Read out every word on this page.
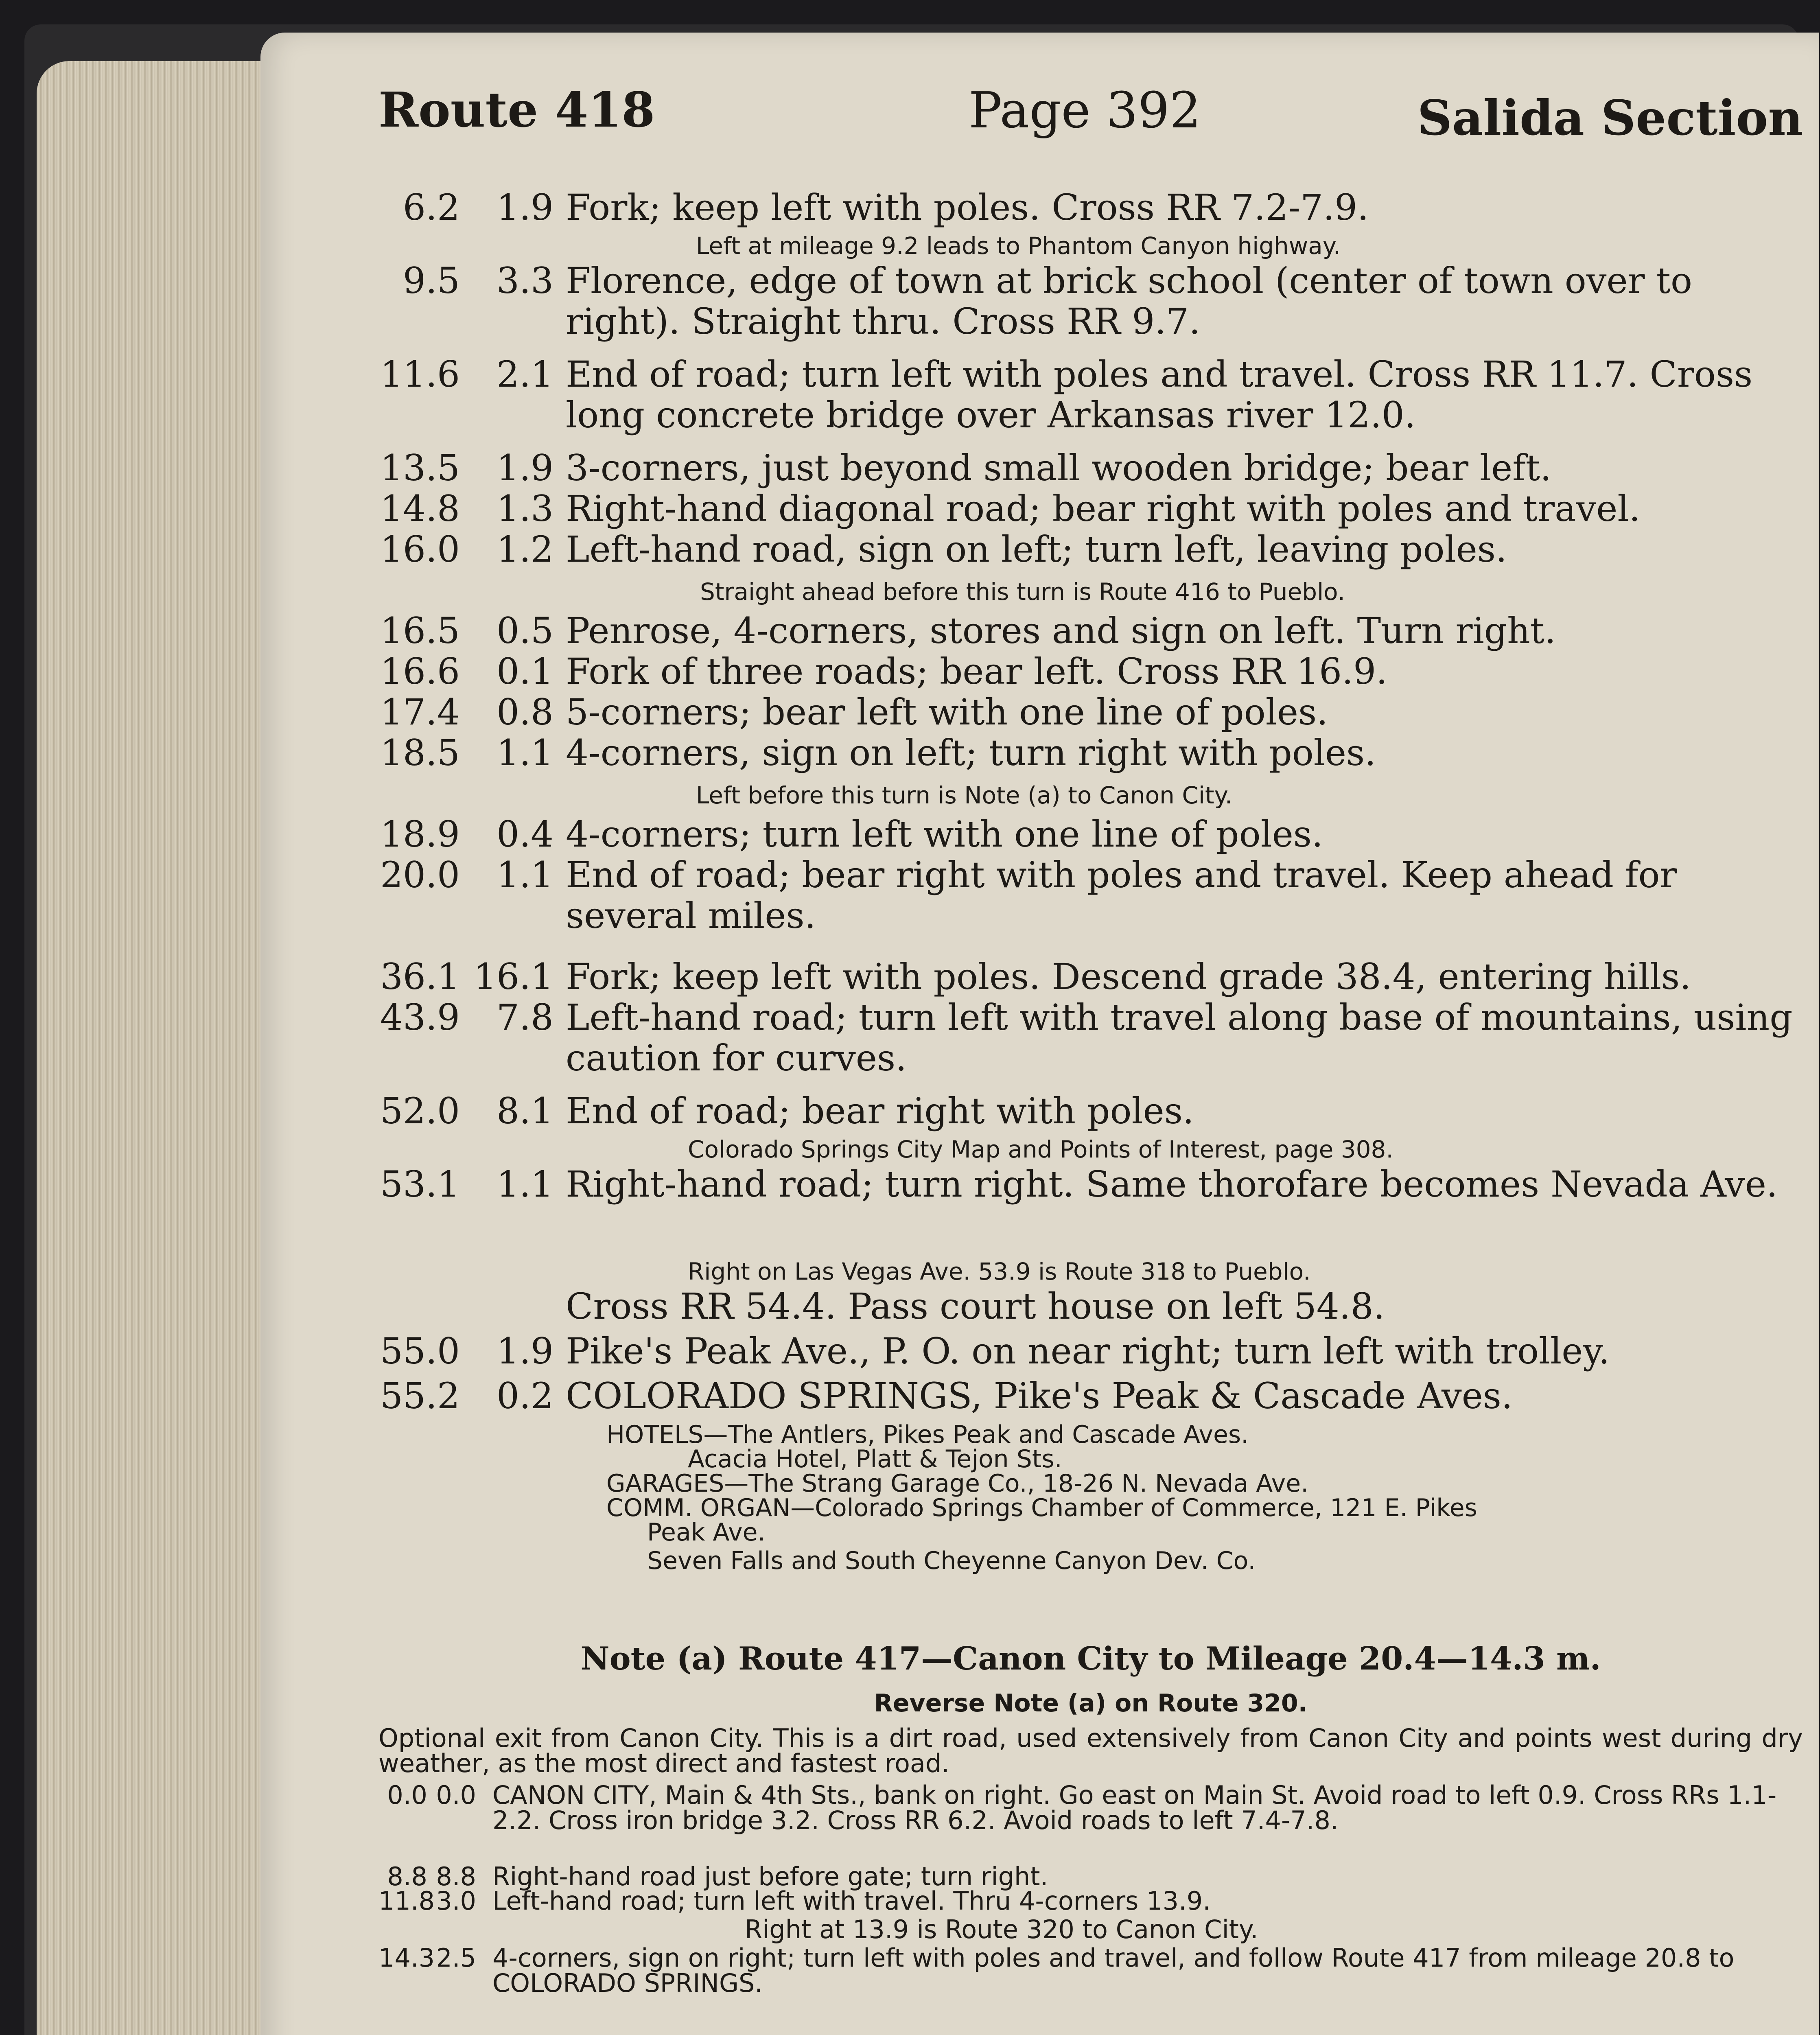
Route 418	Page 392	Salida Section
6.2	1.9 Fork; keep left with poles. Cross RR 7.2-7.9.
Left at mileage 9.2 leads to Phantom Canyon highway.
9.5	3.3 Florence, edge of town at brick school (center of town over to right). Straight thru. Cross RR 9.7.
11.6	2.1 End of road; turn left with poles and travel. Cross RR 11.7. Cross long concrete bridge over Arkansas river 12.0.
13.5	1.9 3-corners, just beyond small wooden bridge; bear left.
14.8	1.3 Right-hand diagonal road; bear right with poles and travel.
16.0	1.2 Left-hand road, sign on left; turn left, leaving poles.
Straight ahead before this turn is Route 416 to Pueblo.
16.5	0.5 Penrose, 4-corners, stores and sign on left. Turn right.
16.6	0.1 Fork of three roads; bear left. Cross RR 16.9.
17.4	0.8 5-corners; bear left with one line of poles.
18.5	1.1 4-corners, sign on left; turn right with poles.
Left before this turn is Note (a) to Canon City.
18.9	0.4 4-corners; turn left with one line of poles.
20.0	1.1 End of road; bear right with poles and travel. Keep ahead for several miles.
36.1 16.1 Fork; keep left with poles. Descend grade 38.4, entering hills.
43.9	7.8 Left-hand road; turn left with travel along base of mountains, using caution for curves.
52.0	8.1 End of road; bear right with poles.
Colorado Springs City Map and Points of Interest, page 308.
53.1	1.1 Right-hand road; turn right. Same thorofare becomes Nevada Ave.
Right on Las Vegas Ave. 53.9 is Route 318 to Pueblo.
Cross RR 54.4. Pass court house on left 54.8.
55.0	1.9 Pike's Peak Ave., P. O. on near right; turn left with trolley.
55.2	0.2 COLORADO SPRINGS, Pike's Peak & Cascade Aves.
HOTELS—The Antlers, Pikes Peak and Cascade Aves.
Acacia Hotel, Platt & Tejon Sts.
GARAGES—The Strang Garage Co., 18-26 N. Nevada Ave.
COMM. ORGAN—Colorado Springs Chamber of Commerce, 121 E. Pikes
Peak Ave.
Seven Falls and South Cheyenne Canyon Dev. Co.
Note (a) Route 417—Canon City to Mileage 20.4—14.3 m.
Reverse Note (a) on Route 320.
Optional exit from Canon City. This is a dirt road, used extensively from Canon City and points west during dry weather, as the most direct and fastest road.
0.0 0.0 CANON CITY, Main & 4th Sts., bank on right. Go east on Main St. Avoid road to left 0.9. Cross RRs 1.1-2.2. Cross iron bridge 3.2. Cross RR 6.2. Avoid roads to left 7.4-7.8.
8.8 8.8 Right-hand road just before gate; turn right.
11.8 3.0 Left-hand road; turn left with travel. Thru 4-corners 13.9.
Right at 13.9 is Route 320 to Canon City.
14.3 2.5 4-corners, sign on right; turn left with poles and travel, and follow Route 417 from mileage 20.8 to COLORADO SPRINGS.
